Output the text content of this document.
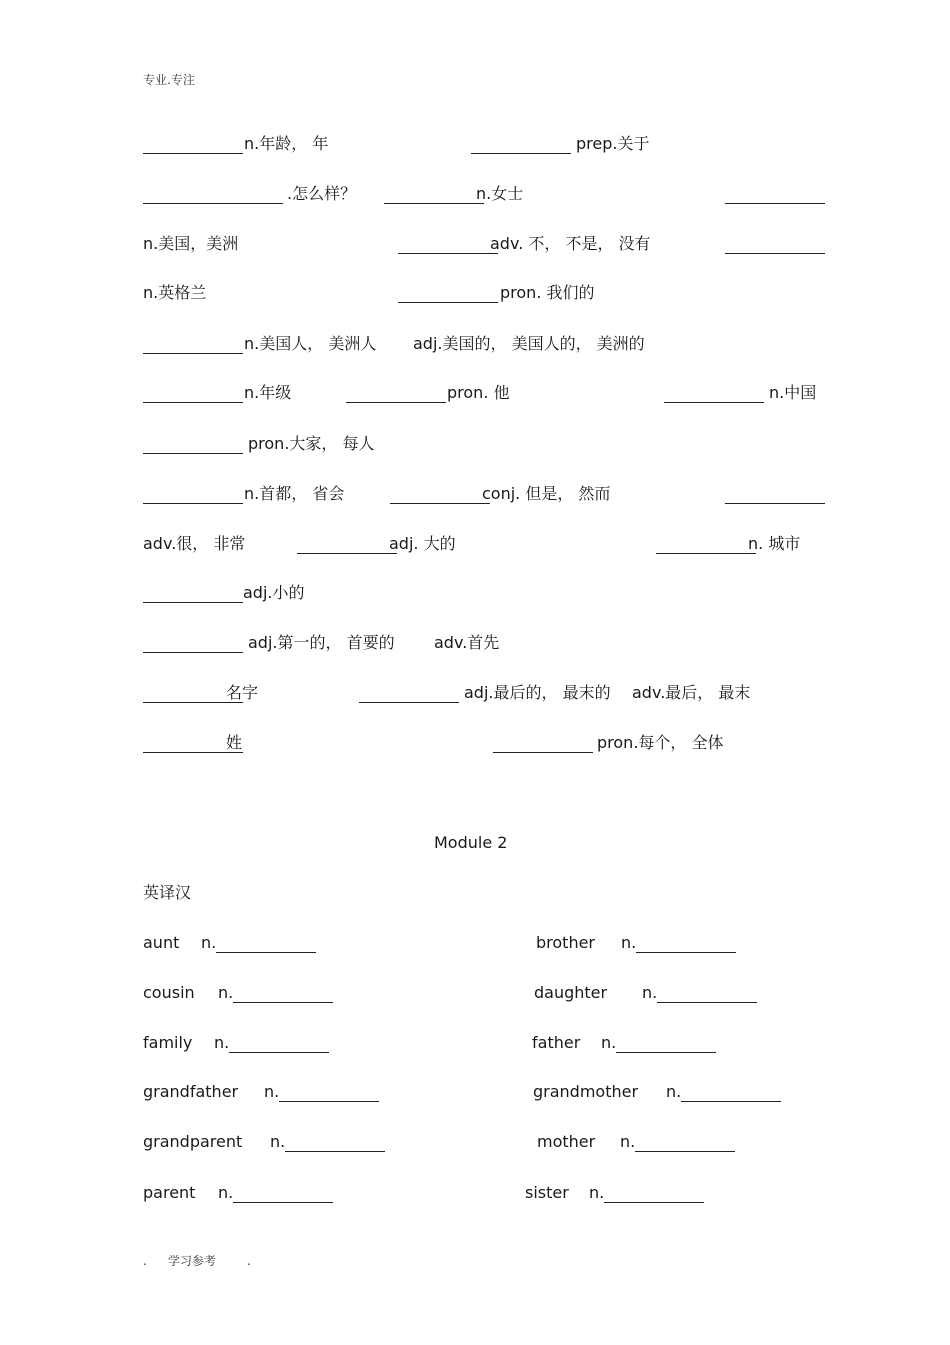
专业.专注
n.年龄， 年	prep.关于
.怎么样？	n.女士
n.美国，美洲	adv. 不， 不是， 没有
n.英格兰	pron. 我们的
n.美国人， 美洲人 adj.美国的， 美国人的， 美洲的
n.年级	pron. 他	n.中国
pron.大家， 每人
n.首都， 省会	conj. 但是， 然而
adv.很， 非常	adj. 大的	n. 城市
adj.小的
adj.第一的， 首要的 adv.首先
名字	adj.最后的， 最末的 adv.最后， 最末
姓	pron.每个， 全体
Module 2
英译汉
aunt n.	brother n.
cousin n.	daughter n.
family n.	father n.
grandfather n.	grandmother n.
grandparent n.	mother n.
parent n.	sister n.
. 学习参考	.
